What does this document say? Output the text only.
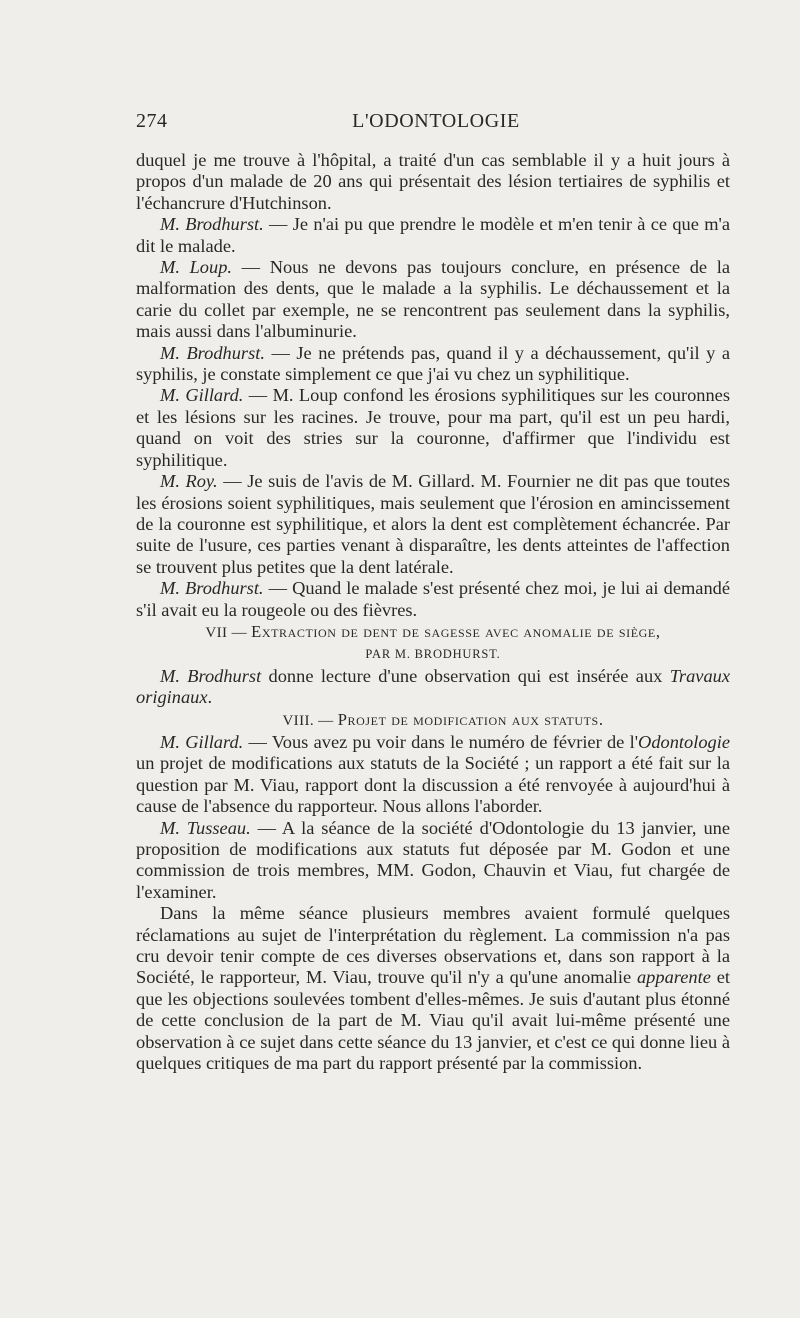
274	L'ODONTOLOGIE

duquel je me trouve à l'hôpital, a traité d'un cas semblable il y a huit jours à propos d'un malade de 20 ans qui présentait des lésion tertiaires de syphilis et l'échancrure d'Hutchinson.

M. Brodhurst. — Je n'ai pu que prendre le modèle et m'en tenir à ce que m'a dit le malade.

M. Loup. — Nous ne devons pas toujours conclure, en présence de la malformation des dents, que le malade a la syphilis. Le déchaussement et la carie du collet par exemple, ne se rencontrent pas seulement dans la syphilis, mais aussi dans l'albuminurie.

M. Brodhurst. — Je ne prétends pas, quand il y a déchaussement, qu'il y a syphilis, je constate simplement ce que j'ai vu chez un syphilitique.

M. Gillard. — M. Loup confond les érosions syphilitiques sur les couronnes et les lésions sur les racines. Je trouve, pour ma part, qu'il est un peu hardi, quand on voit des stries sur la couronne, d'affirmer que l'individu est syphilitique.

M. Roy. — Je suis de l'avis de M. Gillard. M. Fournier ne dit pas que toutes les érosions soient syphilitiques, mais seulement que l'érosion en amincissement de la couronne est syphilitique, et alors la dent est complètement échancrée. Par suite de l'usure, ces parties venant à disparaître, les dents atteintes de l'affection se trouvent plus petites que la dent latérale.

M. Brodhurst. — Quand le malade s'est présenté chez moi, je lui ai demandé s'il avait eu la rougeole ou des fièvres.

VII — Extraction de dent de sagesse avec anomalie de siège,
PAR M. BRODHURST.

M. Brodhurst donne lecture d'une observation qui est insérée aux Travaux originaux.

VIII. — Projet de modification aux statuts.

M. Gillard. — Vous avez pu voir dans le numéro de février de l'Odontologie un projet de modifications aux statuts de la Société ; un rapport a été fait sur la question par M. Viau, rapport dont la discussion a été renvoyée à aujourd'hui à cause de l'absence du rapporteur. Nous allons l'aborder.

M. Tusseau. — A la séance de la société d'Odontologie du 13 janvier, une proposition de modifications aux statuts fut déposée par M. Godon et une commission de trois membres, MM. Godon, Chauvin et Viau, fut chargée de l'examiner.

Dans la même séance plusieurs membres avaient formulé quelques réclamations au sujet de l'interprétation du règlement. La commission n'a pas cru devoir tenir compte de ces diverses observations et, dans son rapport à la Société, le rapporteur, M. Viau, trouve qu'il n'y a qu'une anomalie apparente et que les objections soulevées tombent d'elles-mêmes. Je suis d'autant plus étonné de cette conclusion de la part de M. Viau qu'il avait lui-même présenté une observation à ce sujet dans cette séance du 13 janvier, et c'est ce qui donne lieu à quelques critiques de ma part du rapport présenté par la commission.
